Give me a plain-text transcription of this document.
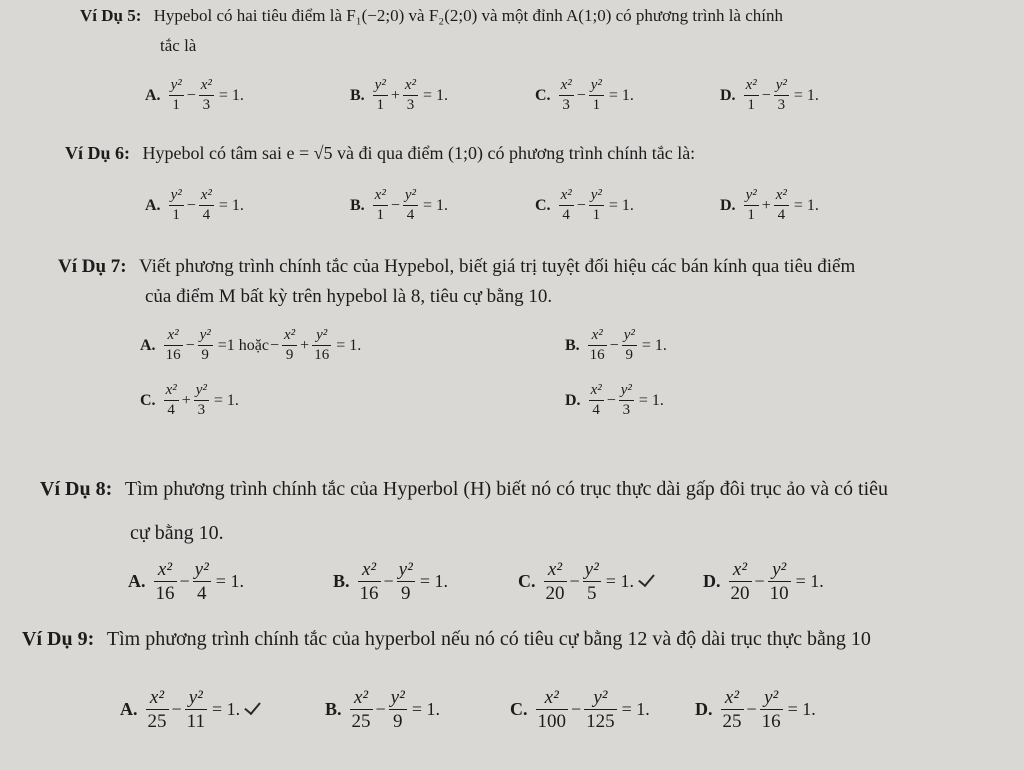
Ví Dụ 5: Hypebol có hai tiêu điểm là F₁(−2;0) và F₂(2;0) và một đỉnh A(1;0) có phương trình là chính
tắc là
A. $\frac{\text{y²}}{1} - \frac{\text{x²}}{3} = 1$.	B. $\frac{\text{y²}}{1} + \frac{\text{x²}}{3} = 1$.	C. $\frac{\text{x²}}{3} - \frac{\text{y²}}{1} = 1$.	D. $\frac{\text{x²}}{1} - \frac{\text{y²}}{3} = 1$.
Ví Dụ 6: Hypebol có tâm sai e = √5 và đi qua điểm (1;0) có phương trình chính tắc là:
A. $\frac{\text{y²}}{1} - \frac{\text{x²}}{4} = 1$.	B. $\frac{\text{x²}}{1} - \frac{\text{y²}}{4} = 1$.	C. $\frac{\text{x²}}{4} - \frac{\text{y²}}{1} = 1$.	D. $\frac{\text{y²}}{1} + \frac{\text{x²}}{4} = 1$.
Ví Dụ 7: Viết phương trình chính tắc của Hypebol, biết giá trị tuyệt đối hiệu các bán kính qua tiêu điểm
của điểm M bất kỳ trên hypebol là 8, tiêu cự bằng 10.
A. $\frac{\text{x²}}{16} - \frac{\text{y²}}{9} =1$ hoặc − $\frac{\text{x²}}{9} + \frac{\text{y²}}{16} = 1$.	B. $\frac{\text{x²}}{16} - \frac{\text{y²}}{9} = 1$.
C. $\frac{\text{x²}}{4} + \frac{\text{y²}}{3} = 1$.	D. $\frac{\text{x²}}{4} - \frac{\text{y²}}{3} = 1$.
Ví Dụ 8: Tìm phương trình chính tắc của Hyperbol (H) biết nó có trục thực dài gấp đôi trục ảo và có tiêu
cự bằng 10.
A. $\frac{\text{x²}}{16} - \frac{\text{y²}}{4} = 1$.	B. $\frac{\text{x²}}{16} - \frac{\text{y²}}{9} = 1$.	C. $\frac{\text{x²}}{20} - \frac{\text{y²}}{5} = 1$.	D. $\frac{\text{x²}}{20} - \frac{\text{y²}}{10} = 1$.
Ví Dụ 9: Tìm phương trình chính tắc của hyperbol nếu nó có tiêu cự bằng 12 và độ dài trục thực bằng 10
A. $\frac{\text{x²}}{25} - \frac{\text{y²}}{11} = 1$.	B. $\frac{\text{x²}}{25} - \frac{\text{y²}}{9} = 1$.	C. $\frac{\text{x²}}{100} - \frac{\text{y²}}{125} = 1$.	D. $\frac{\text{x²}}{25} - \frac{\text{y²}}{16} = 1$.
